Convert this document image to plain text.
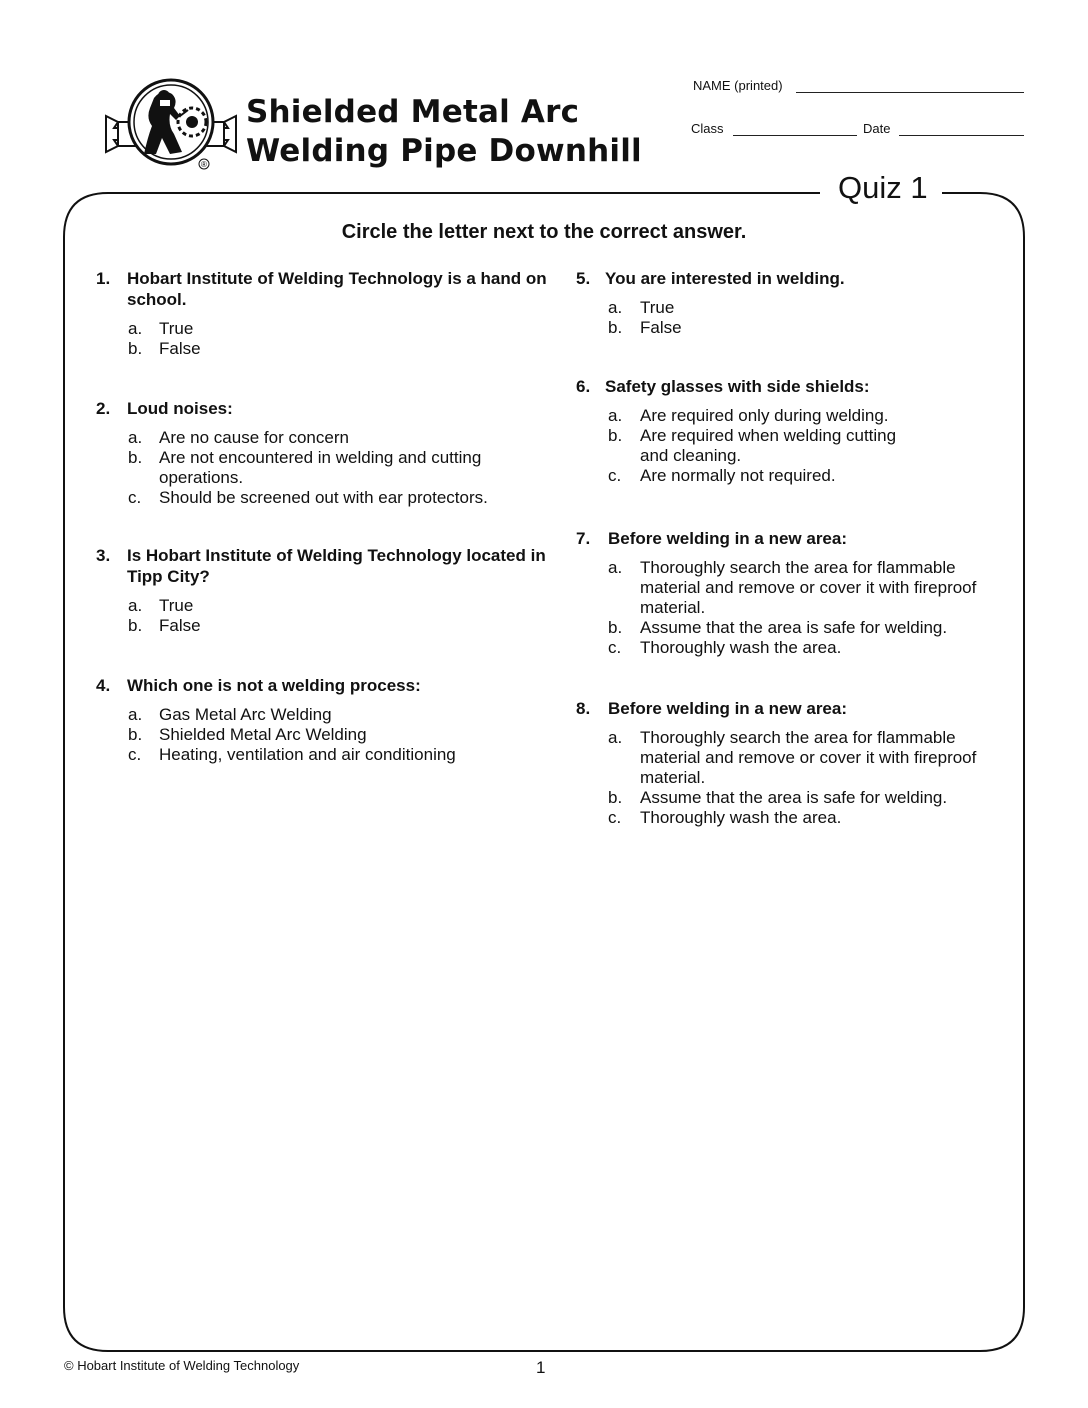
®
Shielded Metal Arc
Welding Pipe Downhill
NAME (printed)
Class	Date
Quiz 1
Circle the letter next to the correct answer.
1. Hobart Institute of Welding Technology is a hand on school.
a. True
b. False
2. Loud noises:
a. Are no cause for concern
b. Are not encountered in welding and cutting operations.
c. Should be screened out with ear protectors.
3. Is Hobart Institute of Welding Technology located in Tipp City?
a. True
b. False
4. Which one is not a welding process:
a. Gas Metal Arc Welding
b. Shielded Metal Arc Welding
c. Heating, ventilation and air conditioning
5. You are interested in welding.
a. True
b. False
6. Safety glasses with side shields:
a. Are required only during welding.
b. Are required when welding cutting and cleaning.
c. Are normally not required.
7. Before welding in a new area:
a. Thoroughly search the area for flammable material and remove or cover it with fireproof material.
b. Assume that the area is safe for welding.
c. Thoroughly wash the area.
8. Before welding in a new area:
a. Thoroughly search the area for flammable material and remove or cover it with fireproof material.
b. Assume that the area is safe for welding.
c. Thoroughly wash the area.
© Hobart Institute of Welding Technology	1
